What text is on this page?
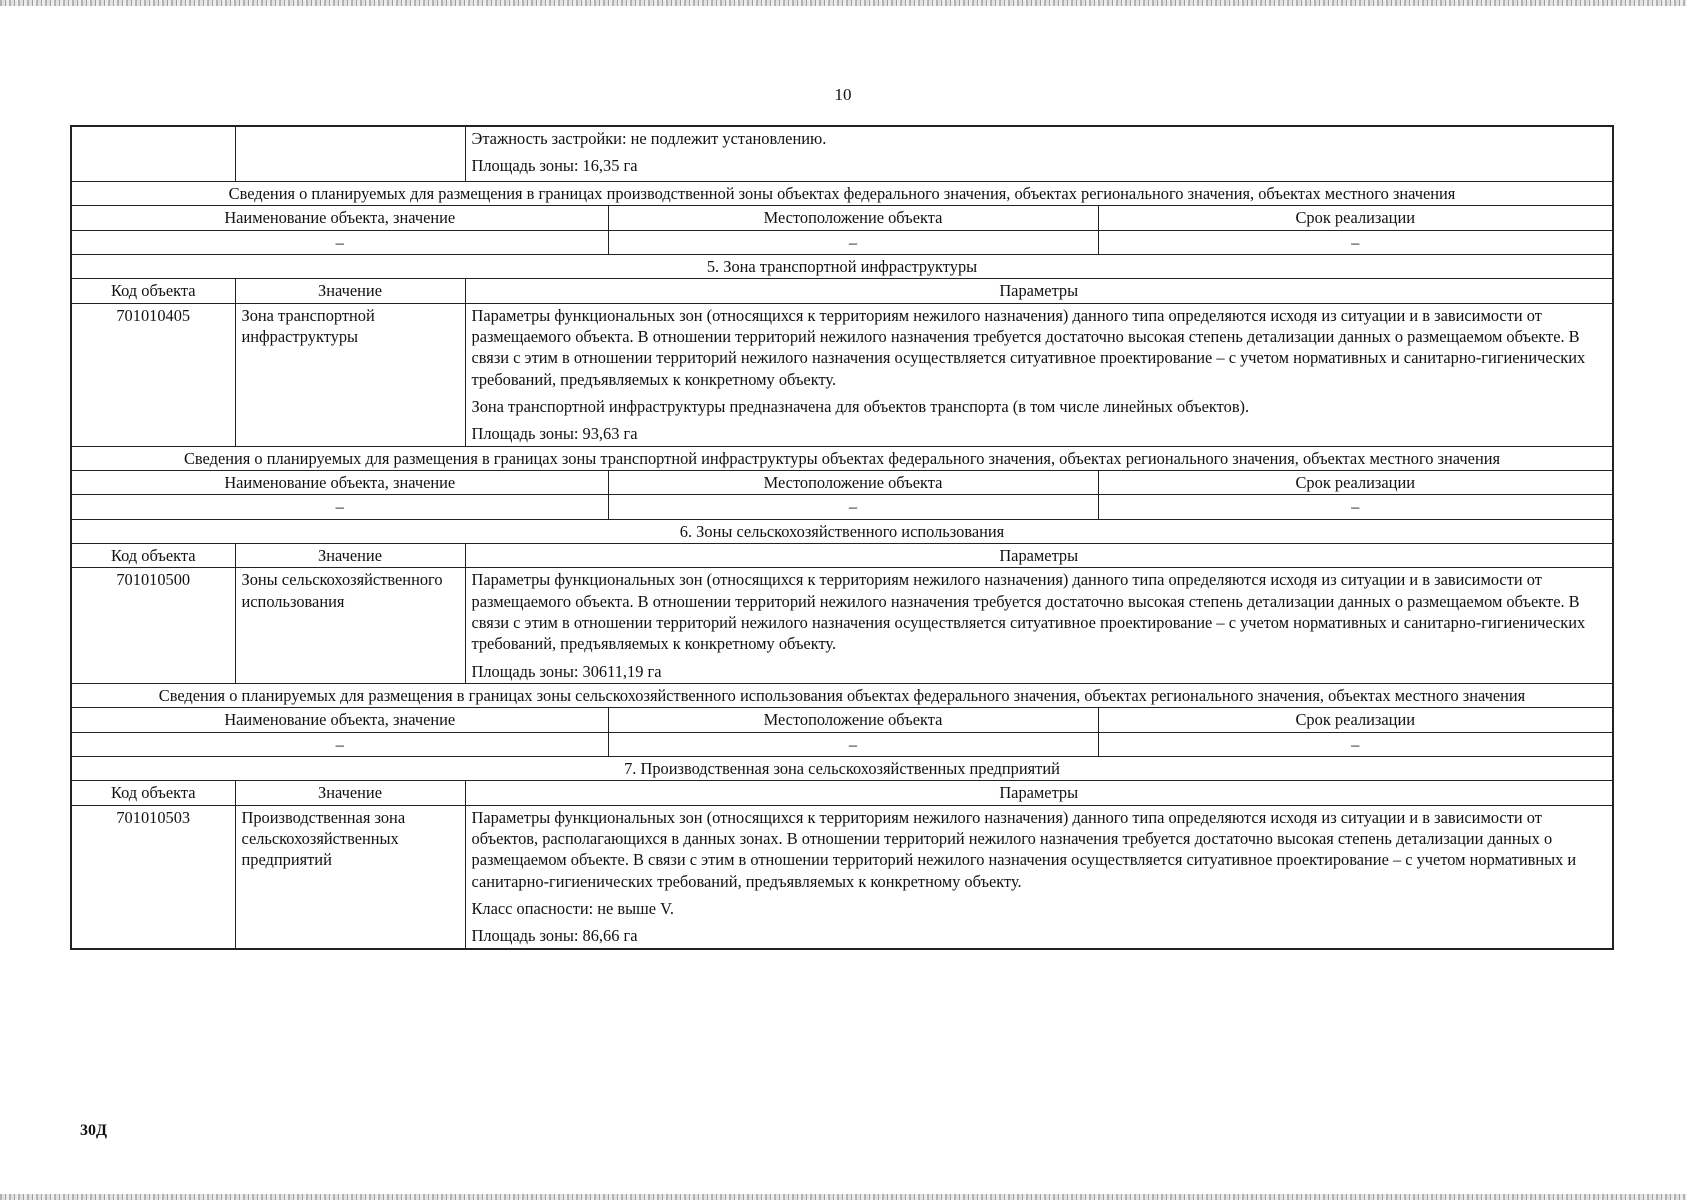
10

		Этажность застройки: не подлежит установлению.

Площадь зоны: 16,35 га		

Сведения о планируемых для размещения в границах производственной зоны объектах федерального значения, объектах регионального значения, объектах местного значения				
Наименование объекта, значение			Местоположение объекта	Срок реализации
–			–	–
5. Зона транспортной инфраструктуры				
Код объекта	Значение	Параметры		
701010405	Зона транспортной инфраструктуры	Параметры функциональных зон (относящихся к территориям нежилого назначения) данного типа определяются исходя из ситуации и в зависимости от размещаемого объекта. В отношении территорий нежилого назначения требуется достаточно высокая степень детализации данных о размещаемом объекте. В связи с этим в отношении территорий нежилого назначения осуществляется ситуативное проектирование – с учетом нормативных и санитарно-гигиенических требований, предъявляемых к конкретному объекту.

Зона транспортной инфраструктуры предназначена для объектов транспорта (в том числе линейных объектов).

Площадь зоны: 93,63 га		

Сведения о планируемых для размещения в границах зоны транспортной инфраструктуры объектах федерального значения, объектах регионального значения, объектах местного значения				
Наименование объекта, значение			Местоположение объекта	Срок реализации
–			–	–
6. Зоны сельскохозяйственного использования				
Код объекта	Значение	Параметры		
701010500	Зоны сельскохозяйственного использования	Параметры функциональных зон (относящихся к территориям нежилого назначения) данного типа определяются исходя из ситуации и в зависимости от размещаемого объекта. В отношении территорий нежилого назначения требуется достаточно высокая степень детализации данных о размещаемом объекте. В связи с этим в отношении территорий нежилого назначения осуществляется ситуативное проектирование – с учетом нормативных и санитарно-гигиенических требований, предъявляемых к конкретному объекту.

Площадь зоны: 30611,19 га		

Сведения о планируемых для размещения в границах зоны сельскохозяйственного использования объектах федерального значения, объектах регионального значения, объектах местного значения				
Наименование объекта, значение			Местоположение объекта	Срок реализации
–			–	–
7. Производственная зона сельскохозяйственных предприятий				
Код объекта	Значение	Параметры		
701010503	Производственная зона сельскохозяйственных предприятий	Параметры функциональных зон (относящихся к территориям нежилого назначения) данного типа определяются исходя из ситуации и в зависимости от объектов, располагающихся в данных зонах. В отношении территорий нежилого назначения требуется достаточно высокая степень детализации данных о размещаемом объекте. В связи с этим в отношении территорий нежилого назначения осуществляется ситуативное проектирование – с учетом нормативных и санитарно-гигиенических требований, предъявляемых к конкретному объекту.

Класс опасности: не выше V.

Площадь зоны: 86,66 га		

30Д
